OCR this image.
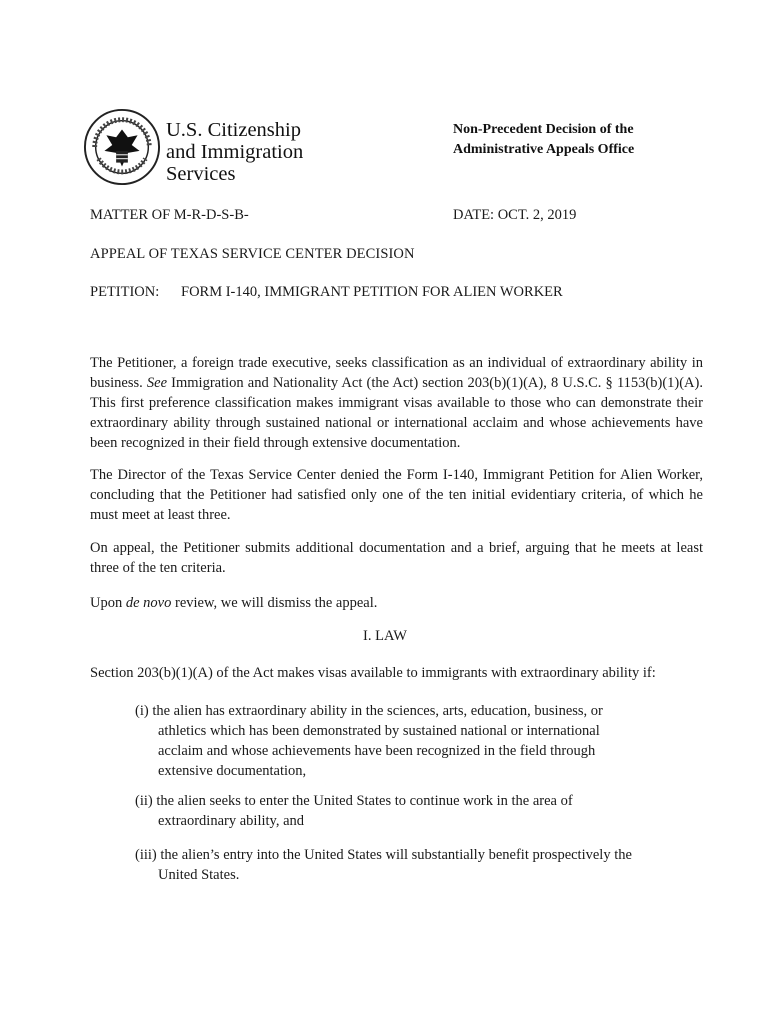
U.S. Citizenship
and Immigration
Services
Non-Precedent Decision of the
Administrative Appeals Office
MATTER OF M-R-D-S-B-	DATE: OCT. 2, 2019
APPEAL OF TEXAS SERVICE CENTER DECISION
PETITION: FORM I-140, IMMIGRANT PETITION FOR ALIEN WORKER
The Petitioner, a foreign trade executive, seeks classification as an individual of extraordinary ability in business. See Immigration and Nationality Act (the Act) section 203(b)(1)(A), 8 U.S.C. § 1153(b)(1)(A). This first preference classification makes immigrant visas available to those who can demonstrate their extraordinary ability through sustained national or international acclaim and whose achievements have been recognized in their field through extensive documentation.
The Director of the Texas Service Center denied the Form I-140, Immigrant Petition for Alien Worker, concluding that the Petitioner had satisfied only one of the ten initial evidentiary criteria, of which he must meet at least three.
On appeal, the Petitioner submits additional documentation and a brief, arguing that he meets at least three of the ten criteria.
Upon de novo review, we will dismiss the appeal.
I. LAW
Section 203(b)(1)(A) of the Act makes visas available to immigrants with extraordinary ability if:

(i) the alien has extraordinary ability in the sciences, arts, education, business, or

athletics which has been demonstrated by sustained national or international

acclaim and whose achievements have been recognized in the field through

extensive documentation,

(ii) the alien seeks to enter the United States to continue work in the area of

extraordinary ability, and

(iii) the alien’s entry into the United States will substantially benefit prospectively the

United States.
